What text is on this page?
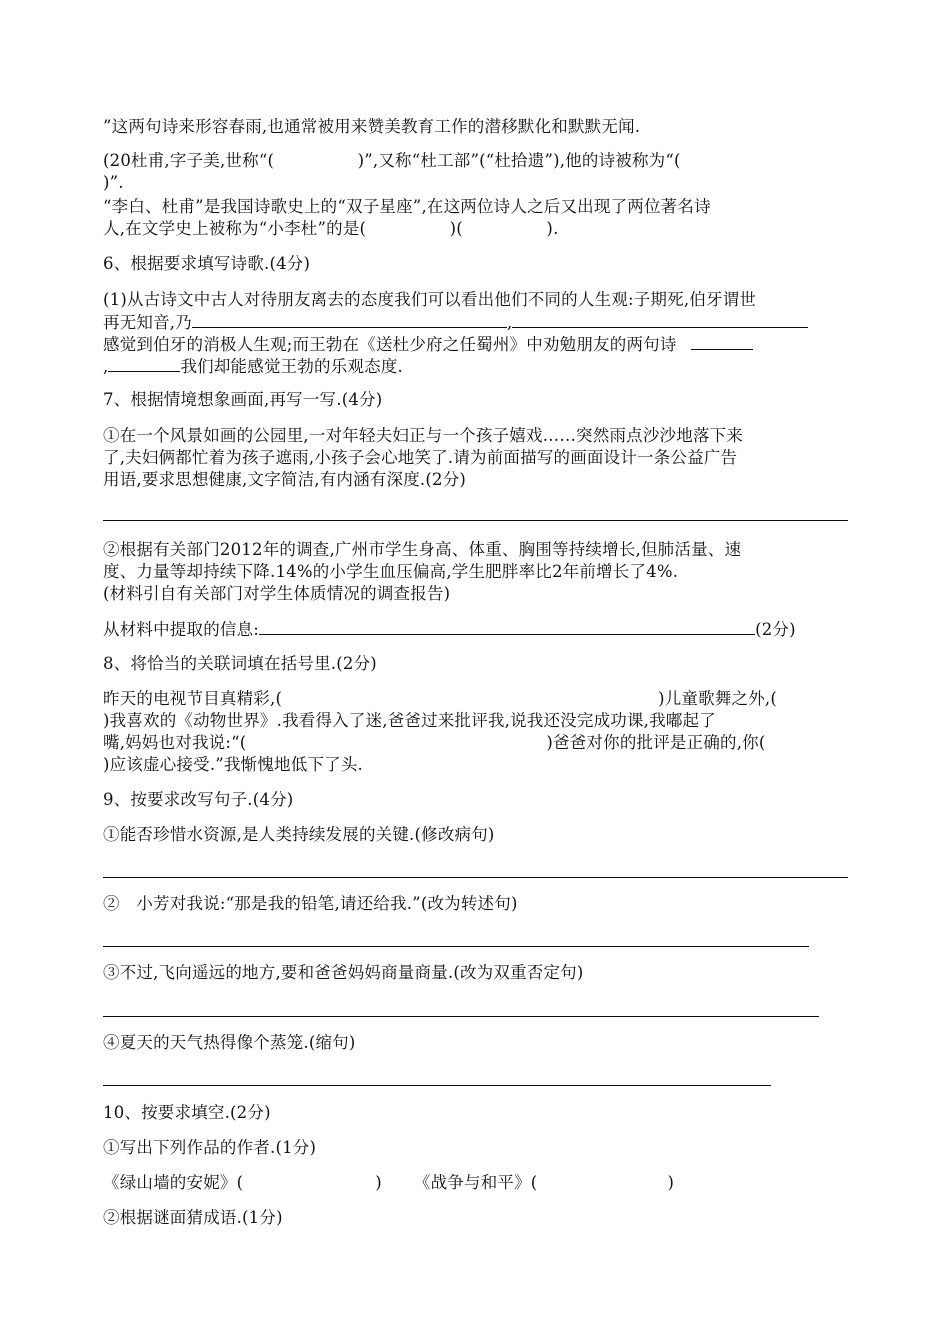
”这两句诗来形容春雨,也通常被用来赞美教育工作的潜移默化和默默无闻.
(20杜甫,字子美,世称“(　　　　　)”,又称“杜工部”(“杜拾遗”),他的诗被称为“(
)”.
“李白、杜甫”是我国诗歌史上的“双子星座”,在这两位诗人之后又出现了两位著名诗
人,在文学史上被称为“小李杜”的是(　　　　　)(　　　　　).
6、根据要求填写诗歌.(4分)
(1)从古诗文中古人对待朋友离去的态度我们可以看出他们不同的人生观:子期死,伯牙谓世
再无知音,乃	,
感觉到伯牙的消极人生观;而王勃在《送杜少府之任蜀州》中劝勉朋友的两句诗
,	我们却能感觉王勃的乐观态度.
7、根据情境想象画面,再写一写.(4分)
①在一个风景如画的公园里,一对年轻夫妇正与一个孩子嬉戏……突然雨点沙沙地落下来
了,夫妇俩都忙着为孩子遮雨,小孩子会心地笑了.请为前面描写的画面设计一条公益广告
用语,要求思想健康,文字简洁,有内涵有深度.(2分)
②根据有关部门2012年的调查,广州市学生身高、体重、胸围等持续增长,但肺活量、速
度、力量等却持续下降.14%的小学生血压偏高,学生肥胖率比2年前增长了4%.
(材料引自有关部门对学生体质情况的调查报告)
从材料中提取的信息:	(2分)
8、将恰当的关联词填在括号里.(2分)
昨天的电视节目真精彩,(	)儿童歌舞之外,(
)我喜欢的《动物世界》.我看得入了迷,爸爸过来批评我,说我还没完成功课,我嘟起了
嘴,妈妈也对我说:“(	)爸爸对你的批评是正确的,你(
)应该虚心接受.”我惭愧地低下了头.
9、按要求改写句子.(4分)
①能否珍惜水资源,是人类持续发展的关键.(修改病句)
②　小芳对我说:“那是我的铅笔,请还给我.”(改为转述句)
③不过,飞向遥远的地方,要和爸爸妈妈商量商量.(改为双重否定句)
④夏天的天气热得像个蒸笼.(缩句)
10、按要求填空.(2分)
①写出下列作品的作者.(1分)
《绿山墙的安妮》(	) 《战争与和平》(	)
②根据谜面猜成语.(1分)
